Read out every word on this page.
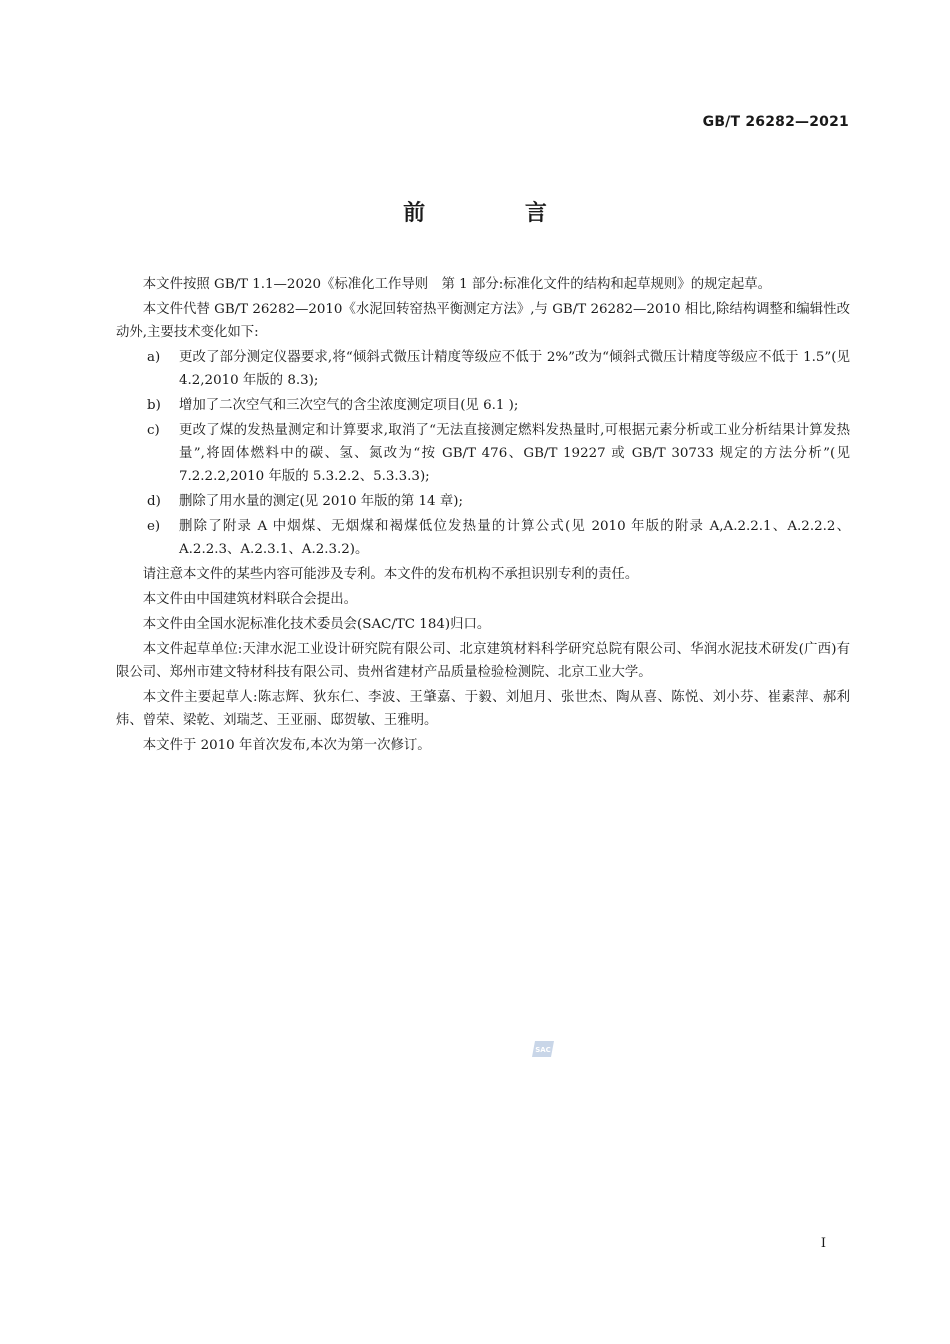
GB/T 26282—2021
前 言

本文件按照 GB/T 1.1—2020《标准化工作导则　第 1 部分:标准化文件的结构和起草规则》的规定起草。

本文件代替 GB/T 26282—2010《水泥回转窑热平衡测定方法》,与 GB/T 26282—2010 相比,除结构调整和编辑性改动外,主要技术变化如下:

a) 更改了部分测定仪器要求,将“倾斜式微压计精度等级应不低于 2%”改为“倾斜式微压计精度等级应不低于 1.5”(见 4.2,2010 年版的 8.3);
b) 增加了二次空气和三次空气的含尘浓度测定项目(见 6.1 );
c) 更改了煤的发热量测定和计算要求,取消了“无法直接测定燃料发热量时,可根据元素分析或工业分析结果计算发热量”,将固体燃料中的碳、氢、氮改为“按 GB/T 476、GB/T 19227 或 GB/T 30733 规定的方法分析”(见 7.2.2.2,2010 年版的 5.3.2.2、5.3.3.3);
d) 删除了用水量的测定(见 2010 年版的第 14 章);
e) 删除了附录 A 中烟煤、无烟煤和褐煤低位发热量的计算公式(见 2010 年版的附录 A,A.2.2.1、A.2.2.2、A.2.2.3、A.2.3.1、A.2.3.2)。

请注意本文件的某些内容可能涉及专利。本文件的发布机构不承担识别专利的责任。

本文件由中国建筑材料联合会提出。

本文件由全国水泥标准化技术委员会(SAC/TC 184)归口。

本文件起草单位:天津水泥工业设计研究院有限公司、北京建筑材料科学研究总院有限公司、华润水泥技术研发(广西)有限公司、郑州市建文特材科技有限公司、贵州省建材产品质量检验检测院、北京工业大学。

本文件主要起草人:陈志辉、狄东仁、李波、王肇嘉、于毅、刘旭月、张世杰、陶从喜、陈悦、刘小芬、崔素萍、郝利炜、曾荣、梁乾、刘瑞芝、王亚丽、邸贺敏、王雅明。

本文件于 2010 年首次发布,本次为第一次修订。

SAC
I
